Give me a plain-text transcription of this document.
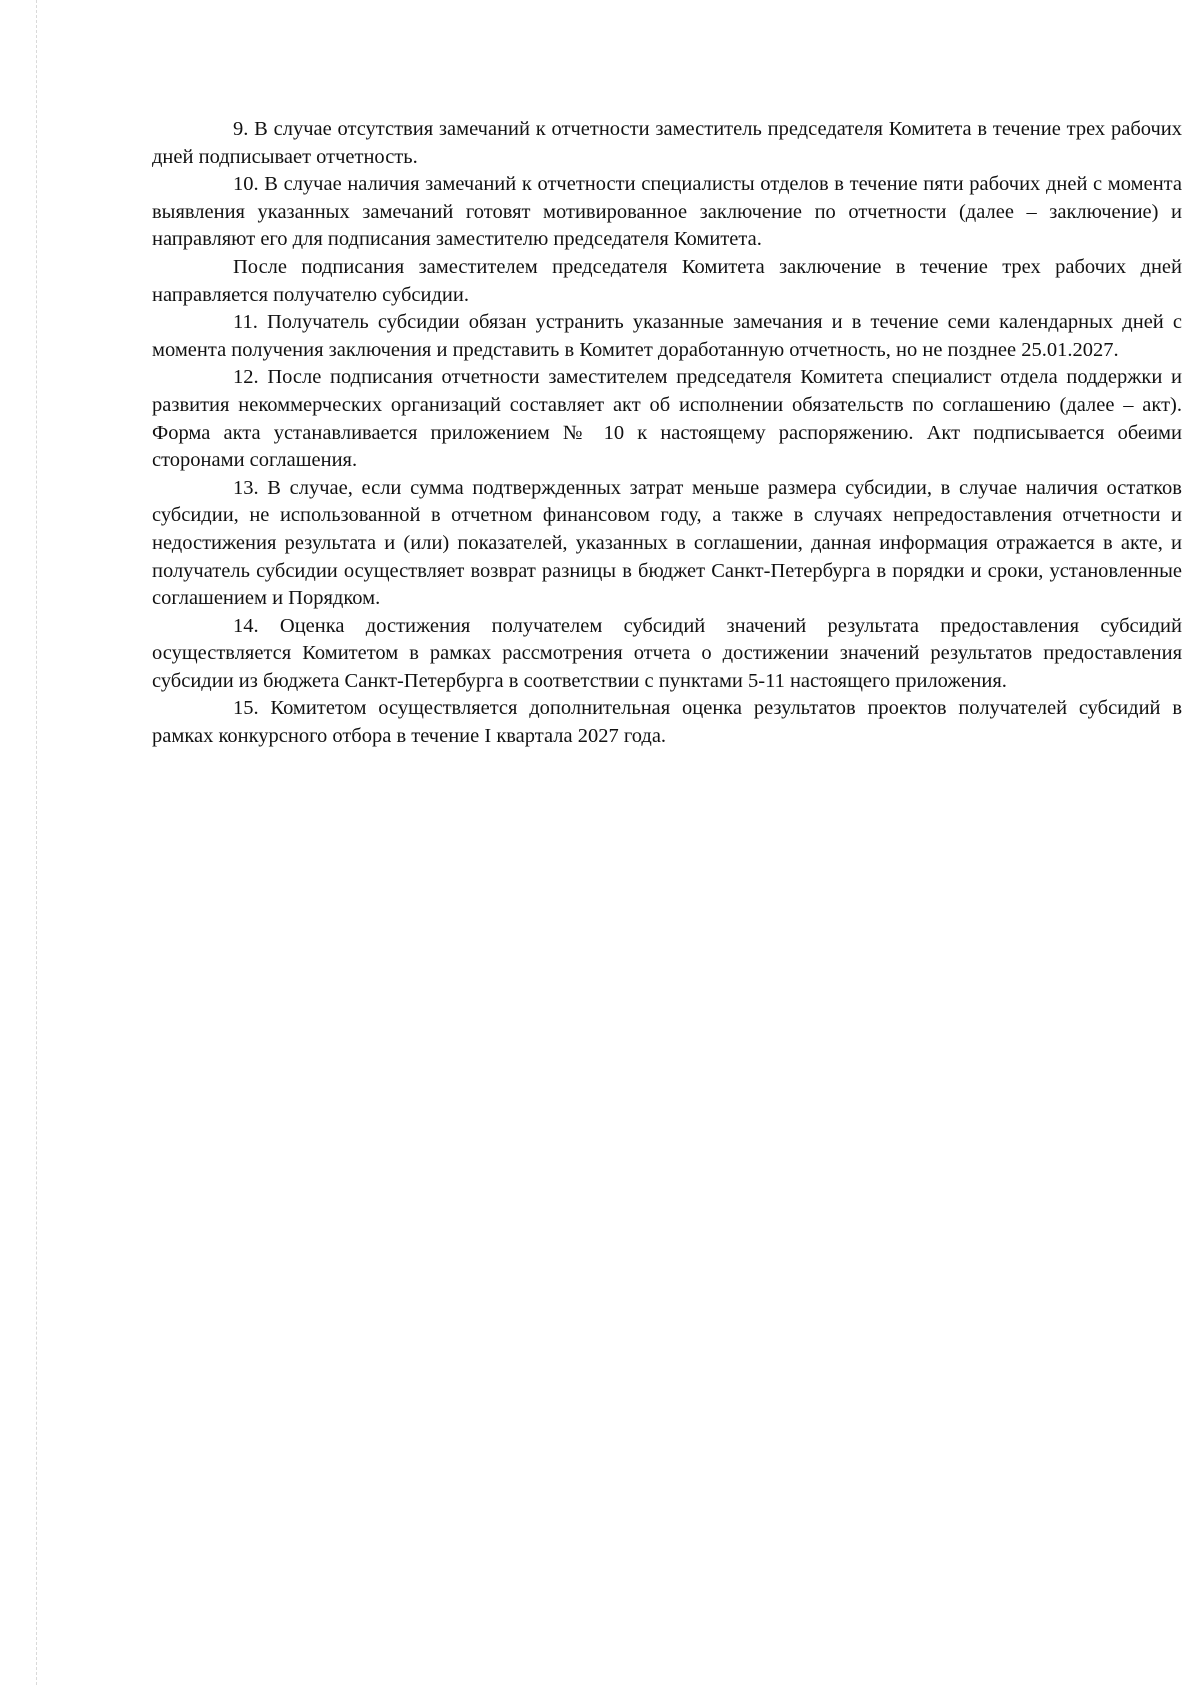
9. В случае отсутствия замечаний к отчетности заместитель председателя Комитета в течение трех рабочих дней подписывает отчетность.

10. В случае наличия замечаний к отчетности специалисты отделов в течение пяти рабочих дней с момента выявления указанных замечаний готовят мотивированное заключение по отчетности (далее – заключение) и направляют его для подписания заместителю председателя Комитета.

После подписания заместителем председателя Комитета заключение в течение трех рабочих дней направляется получателю субсидии.

11. Получатель субсидии обязан устранить указанные замечания и в течение семи календарных дней с момента получения заключения и представить в Комитет доработанную отчетность, но не позднее 25.01.2027.

12. После подписания отчетности заместителем председателя Комитета специалист отдела поддержки и развития некоммерческих организаций составляет акт об исполнении обязательств по соглашению (далее – акт). Форма акта устанавливается приложением № 10 к настоящему распоряжению. Акт подписывается обеими сторонами соглашения.

13. В случае, если сумма подтвержденных затрат меньше размера субсидии, в случае наличия остатков субсидии, не использованной в отчетном финансовом году, а также в случаях непредоставления отчетности и недостижения результата и (или) показателей, указанных в соглашении, данная информация отражается в акте, и получатель субсидии осуществляет возврат разницы в бюджет Санкт-Петербурга в порядки и сроки, установленные соглашением и Порядком.

14. Оценка достижения получателем субсидий значений результата предоставления субсидий осуществляется Комитетом в рамках рассмотрения отчета о достижении значений результатов предоставления субсидии из бюджета Санкт-Петербурга в соответствии с пунктами 5-11 настоящего приложения.

15. Комитетом осуществляется дополнительная оценка результатов проектов получателей субсидий в рамках конкурсного отбора в течение I квартала 2027 года.
